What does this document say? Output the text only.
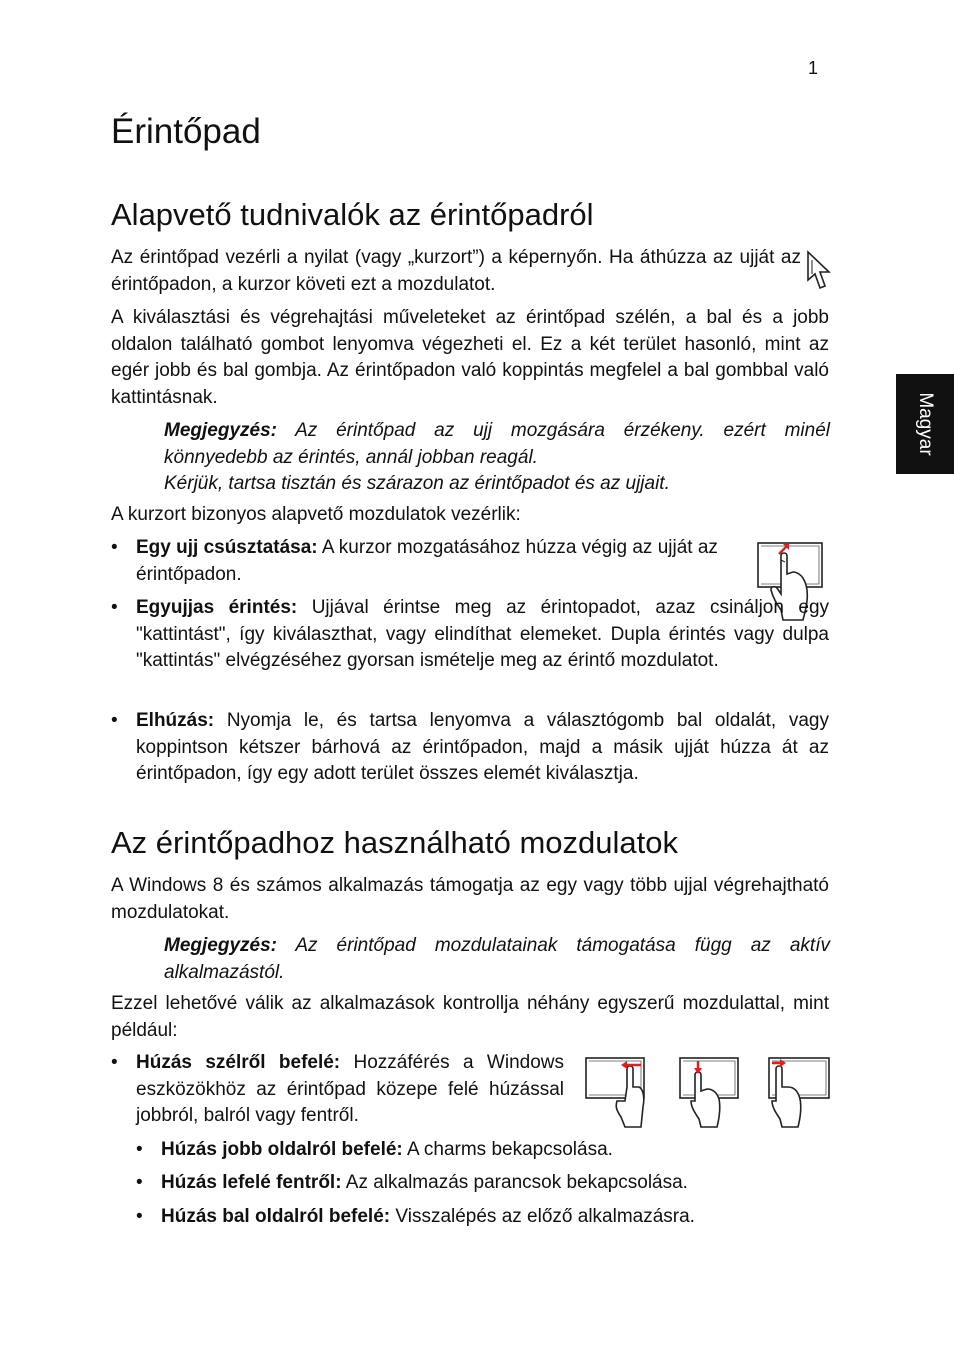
1
Magyar
Érintőpad
Alapvető tudnivalók az érintőpadról

Az érintőpad vezérli a nyilat (vagy „kurzort”) a képernyőn. Ha áthúzza az ujját az érintőpadon, a kurzor követi ezt a mozdulatot.

A kiválasztási és végrehajtási műveleteket az érintőpad szélén, a bal és a jobb oldalon található gombot lenyomva végezheti el. Ez a két terület hasonló, mint az egér jobb és bal gombja. Az érintőpadon való koppintás megfelel a bal gombbal való kattintásnak.

Megjegyzés: Az érintőpad az ujj mozgására érzékeny. ezért minél könnyedebb az érintés, annál jobban reagál.
Kérjük, tartsa tisztán és szárazon az érintőpadot és az ujjait.

A kurzort bizonyos alapvető mozdulatok vezérlik:

• Egy ujj csúsztatása: A kurzor mozgatásához húzza végig az ujját az érintőpadon.
• Egyujjas érintés: Ujjával érintse meg az érintopadot, azaz csináljon egy "kattintást", így kiválaszthat, vagy elindíthat elemeket. Dupla érintés vagy dulpa "kattintás" elvégzéséhez gyorsan ismételje meg az érintő mozdulatot.
• Elhúzás: Nyomja le, és tartsa lenyomva a választógomb bal oldalát, vagy koppintson kétszer bárhová az érintőpadon, majd a másik ujját húzza át az érintőpadon, így egy adott terület összes elemét kiválasztja.
Az érintőpadhoz használható mozdulatok

A Windows 8 és számos alkalmazás támogatja az egy vagy több ujjal végrehajtható mozdulatokat.

Megjegyzés: Az érintőpad mozdulatainak támogatása függ az aktív alkalmazástól.

Ezzel lehetővé válik az alkalmazások kontrollja néhány egyszerű mozdulattal, mint például:

• Húzás szélről befelé: Hozzáférés a Windows eszközökhöz az érintőpad közepe felé húzással jobbról, balról vagy fentről.
• Húzás jobb oldalról befelé: A charms bekapcsolása.
• Húzás lefelé fentről: Az alkalmazás parancsok bekapcsolása.
• Húzás bal oldalról befelé: Visszalépés az előző alkalmazásra.
